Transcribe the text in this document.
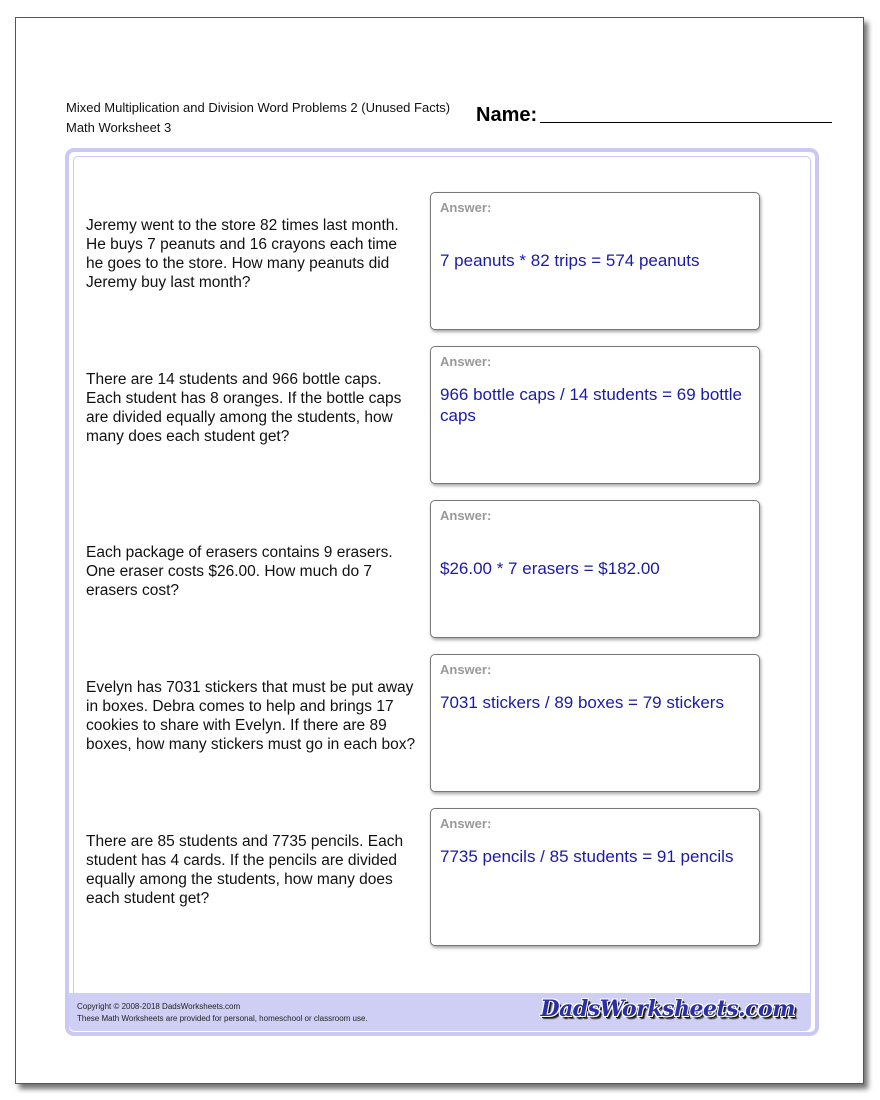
Mixed Multiplication and Division Word Problems 2 (Unused Facts)
Math Worksheet 3
Name:
Jeremy went to the store 82 times last month. He buys 7 peanuts and 16 crayons each time he goes to the store. How many peanuts did Jeremy buy last month?
Answer:
7 peanuts * 82 trips = 574 peanuts
There are 14 students and 966 bottle caps. Each student has 8 oranges. If the bottle caps are divided equally among the students, how many does each student get?
Answer:
966 bottle caps / 14 students = 69 bottle caps
Each package of erasers contains 9 erasers. One eraser costs $26.00. How much do 7 erasers cost?
Answer:
$26.00 * 7 erasers = $182.00
Evelyn has 7031 stickers that must be put away in boxes. Debra comes to help and brings 17 cookies to share with Evelyn. If there are 89 boxes, how many stickers must go in each box?
Answer:
7031 stickers / 89 boxes = 79 stickers
There are 85 students and 7735 pencils. Each student has 4 cards. If the pencils are divided equally among the students, how many does each student get?
Answer:
7735 pencils / 85 students = 91 pencils
Copyright © 2008-2018 DadsWorksheets.com
These Math Worksheets are provided for personal, homeschool or classroom use.	DadsWorksheets.com
